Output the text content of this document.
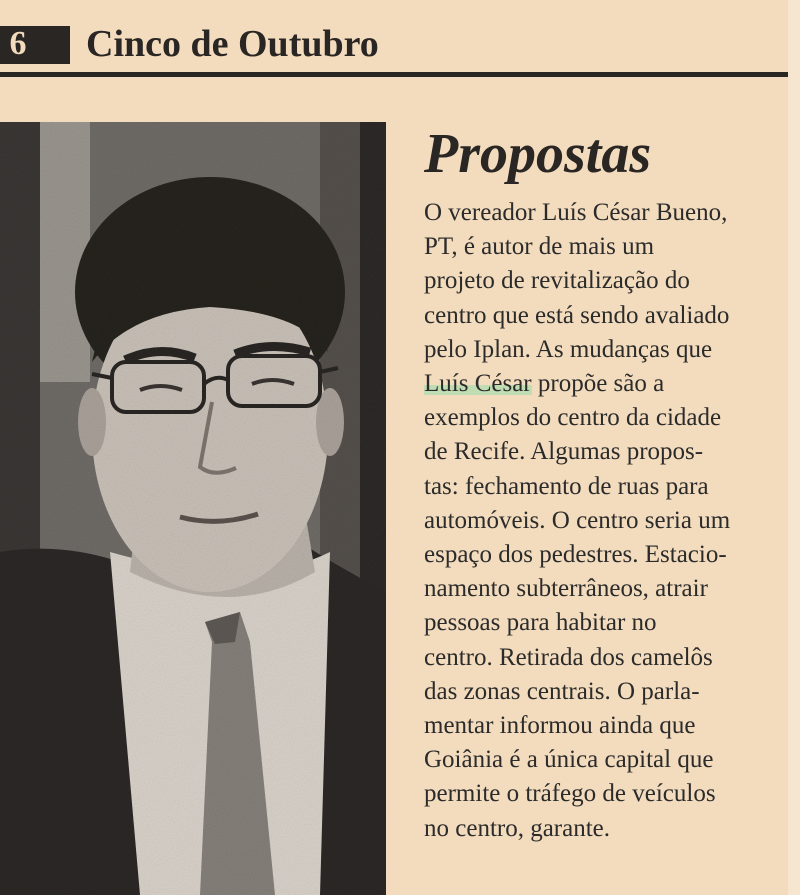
6 Cinco de Outubro
Propostas
O vereador Luís César Bueno,
PT, é autor de mais um
projeto de revitalização do
centro que está sendo avaliado
pelo Iplan. As mudanças que
Luís César propõe são a
exemplos do centro da cidade
de Recife. Algumas propos-
tas: fechamento de ruas para
automóveis. O centro seria um
espaço dos pedestres. Estacio-
namento subterrâneos, atrair
pessoas para habitar no
centro. Retirada dos camelôs
das zonas centrais. O parla-
mentar informou ainda que
Goiânia é a única capital que
permite o tráfego de veículos
no centro, garante.
